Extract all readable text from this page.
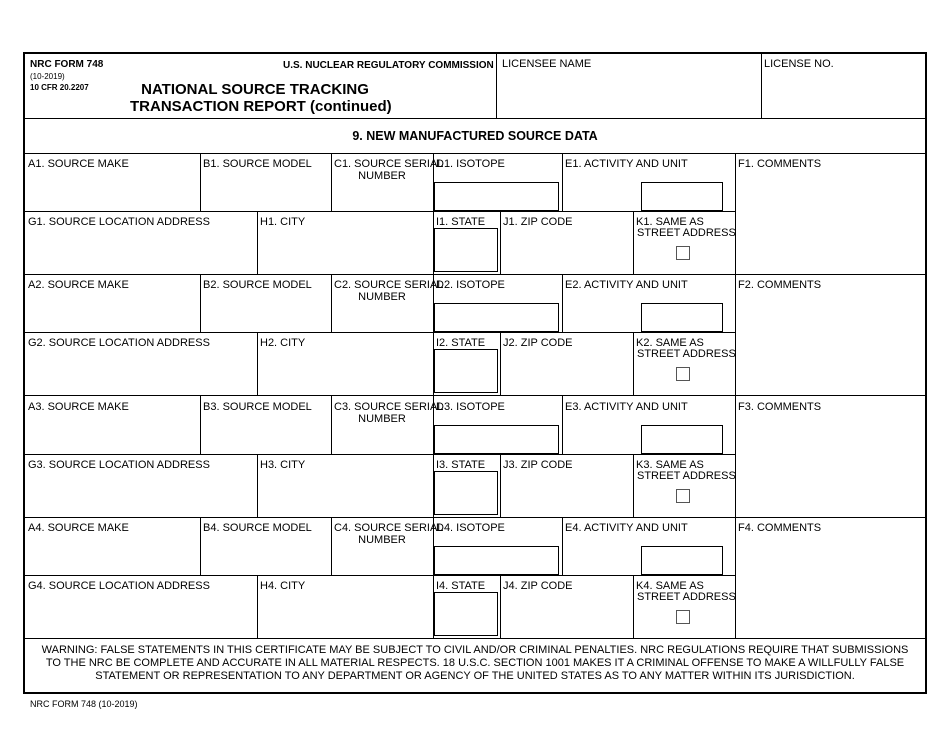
NRC FORM 748
(10-2019)
10 CFR 20.2207
U.S. NUCLEAR REGULATORY COMMISSION
NATIONAL SOURCE TRACKING
TRANSACTION REPORT (continued)
LICENSEE NAME	LICENSE NO.
9. NEW MANUFACTURED SOURCE DATA
A1. SOURCE MAKE	B1. SOURCE MODEL C1. SOURCE SERIAL
NUMBER
D1. ISOTOPE	E1. ACTIVITY AND UNIT	F1. COMMENTS
G1. SOURCE LOCATION ADDRESS	H1. CITY	I1. STATE J1. ZIP CODE	K1. SAME AS
STREET ADDRESS
A2. SOURCE MAKE	B2. SOURCE MODEL C2. SOURCE SERIAL
NUMBER
D2. ISOTOPE	E2. ACTIVITY AND UNIT	F2. COMMENTS
G2. SOURCE LOCATION ADDRESS	H2. CITY	I2. STATE J2. ZIP CODE	K2. SAME AS
STREET ADDRESS
A3. SOURCE MAKE	B3. SOURCE MODEL C3. SOURCE SERIAL
NUMBER
D3. ISOTOPE	E3. ACTIVITY AND UNIT	F3. COMMENTS
G3. SOURCE LOCATION ADDRESS	H3. CITY	I3. STATE J3. ZIP CODE	K3. SAME AS
STREET ADDRESS
A4. SOURCE MAKE	B4. SOURCE MODEL C4. SOURCE SERIAL
NUMBER
D4. ISOTOPE	E4. ACTIVITY AND UNIT	F4. COMMENTS
G4. SOURCE LOCATION ADDRESS	H4. CITY	I4. STATE J4. ZIP CODE	K4. SAME AS
STREET ADDRESS
WARNING: FALSE STATEMENTS IN THIS CERTIFICATE MAY BE SUBJECT TO CIVIL AND/OR CRIMINAL PENALTIES. NRC REGULATIONS REQUIRE THAT SUBMISSIONS
TO THE NRC BE COMPLETE AND ACCURATE IN ALL MATERIAL RESPECTS. 18 U.S.C. SECTION 1001 MAKES IT A CRIMINAL OFFENSE TO MAKE A WILLFULLY FALSE
STATEMENT OR REPRESENTATION TO ANY DEPARTMENT OR AGENCY OF THE UNITED STATES AS TO ANY MATTER WITHIN ITS JURISDICTION.
NRC FORM 748 (10-2019)
